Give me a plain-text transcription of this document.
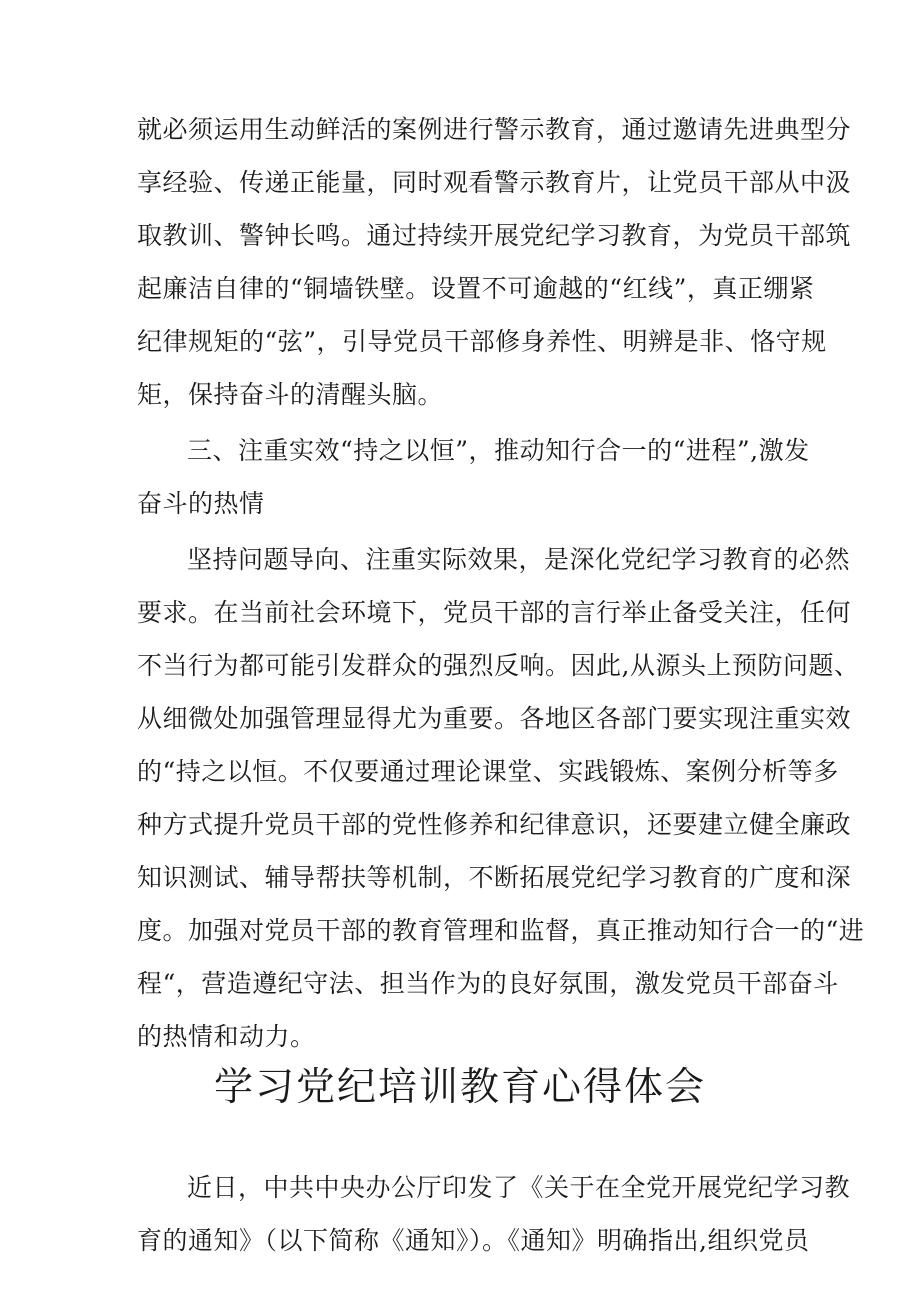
就必须运用生动鲜活的案例进行警示教育，通过邀请先进典型分
享经验、传递正能量，同时观看警示教育片，让党员干部从中汲
取教训、警钟长鸣。通过持续开展党纪学习教育，为党员干部筑
起廉洁自律的“铜墙铁壁。设置不可逾越的“红线”，真正绷紧
纪律规矩的“弦”，引导党员干部修身养性、明辨是非、恪守规
矩，保持奋斗的清醒头脑。
三、注重实效“持之以恒”，推动知行合一的“进程”,激发
奋斗的热情
坚持问题导向、注重实际效果，是深化党纪学习教育的必然
要求。在当前社会环境下，党员干部的言行举止备受关注，任何
不当行为都可能引发群众的强烈反响。因此,从源头上预防问题、
从细微处加强管理显得尤为重要。各地区各部门要实现注重实效
的“持之以恒。不仅要通过理论课堂、实践锻炼、案例分析等多
种方式提升党员干部的党性修养和纪律意识，还要建立健全廉政
知识测试、辅导帮扶等机制，不断拓展党纪学习教育的广度和深
度。加强对党员干部的教育管理和监督，真正推动知行合一的“进
程“，营造遵纪守法、担当作为的良好氛围，激发党员干部奋斗
的热情和动力。
学习党纪培训教育心得体会
近日，中共中央办公厅印发了《关于在全党开展党纪学习教
育的通知》（以下简称《通知》）。《通知》明确指出,组织党员
